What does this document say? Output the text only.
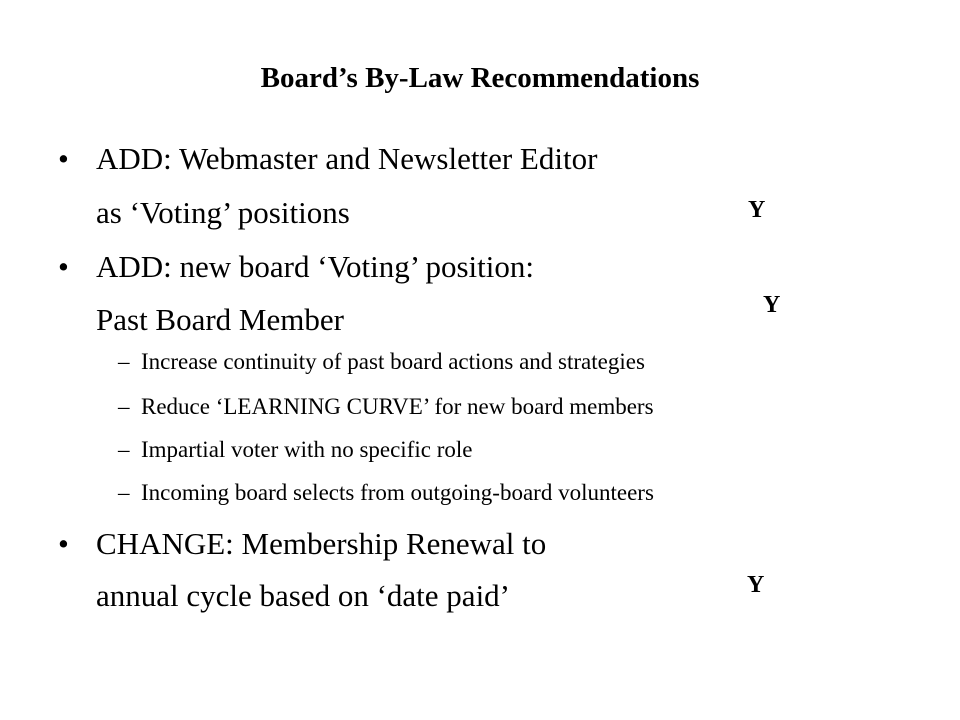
Board’s By-Law Recommendations
• ADD: Webmaster and Newsletter Editor
as ‘Voting’ positions	Y
• ADD: new board ‘Voting’ position:
Past Board Member	Y
– Increase continuity of past board actions and strategies
– Reduce ‘LEARNING CURVE’ for new board members
– Impartial voter with no specific role
– Incoming board selects from outgoing-board volunteers
• CHANGE: Membership Renewal to
annual cycle based on ‘date paid’	Y
